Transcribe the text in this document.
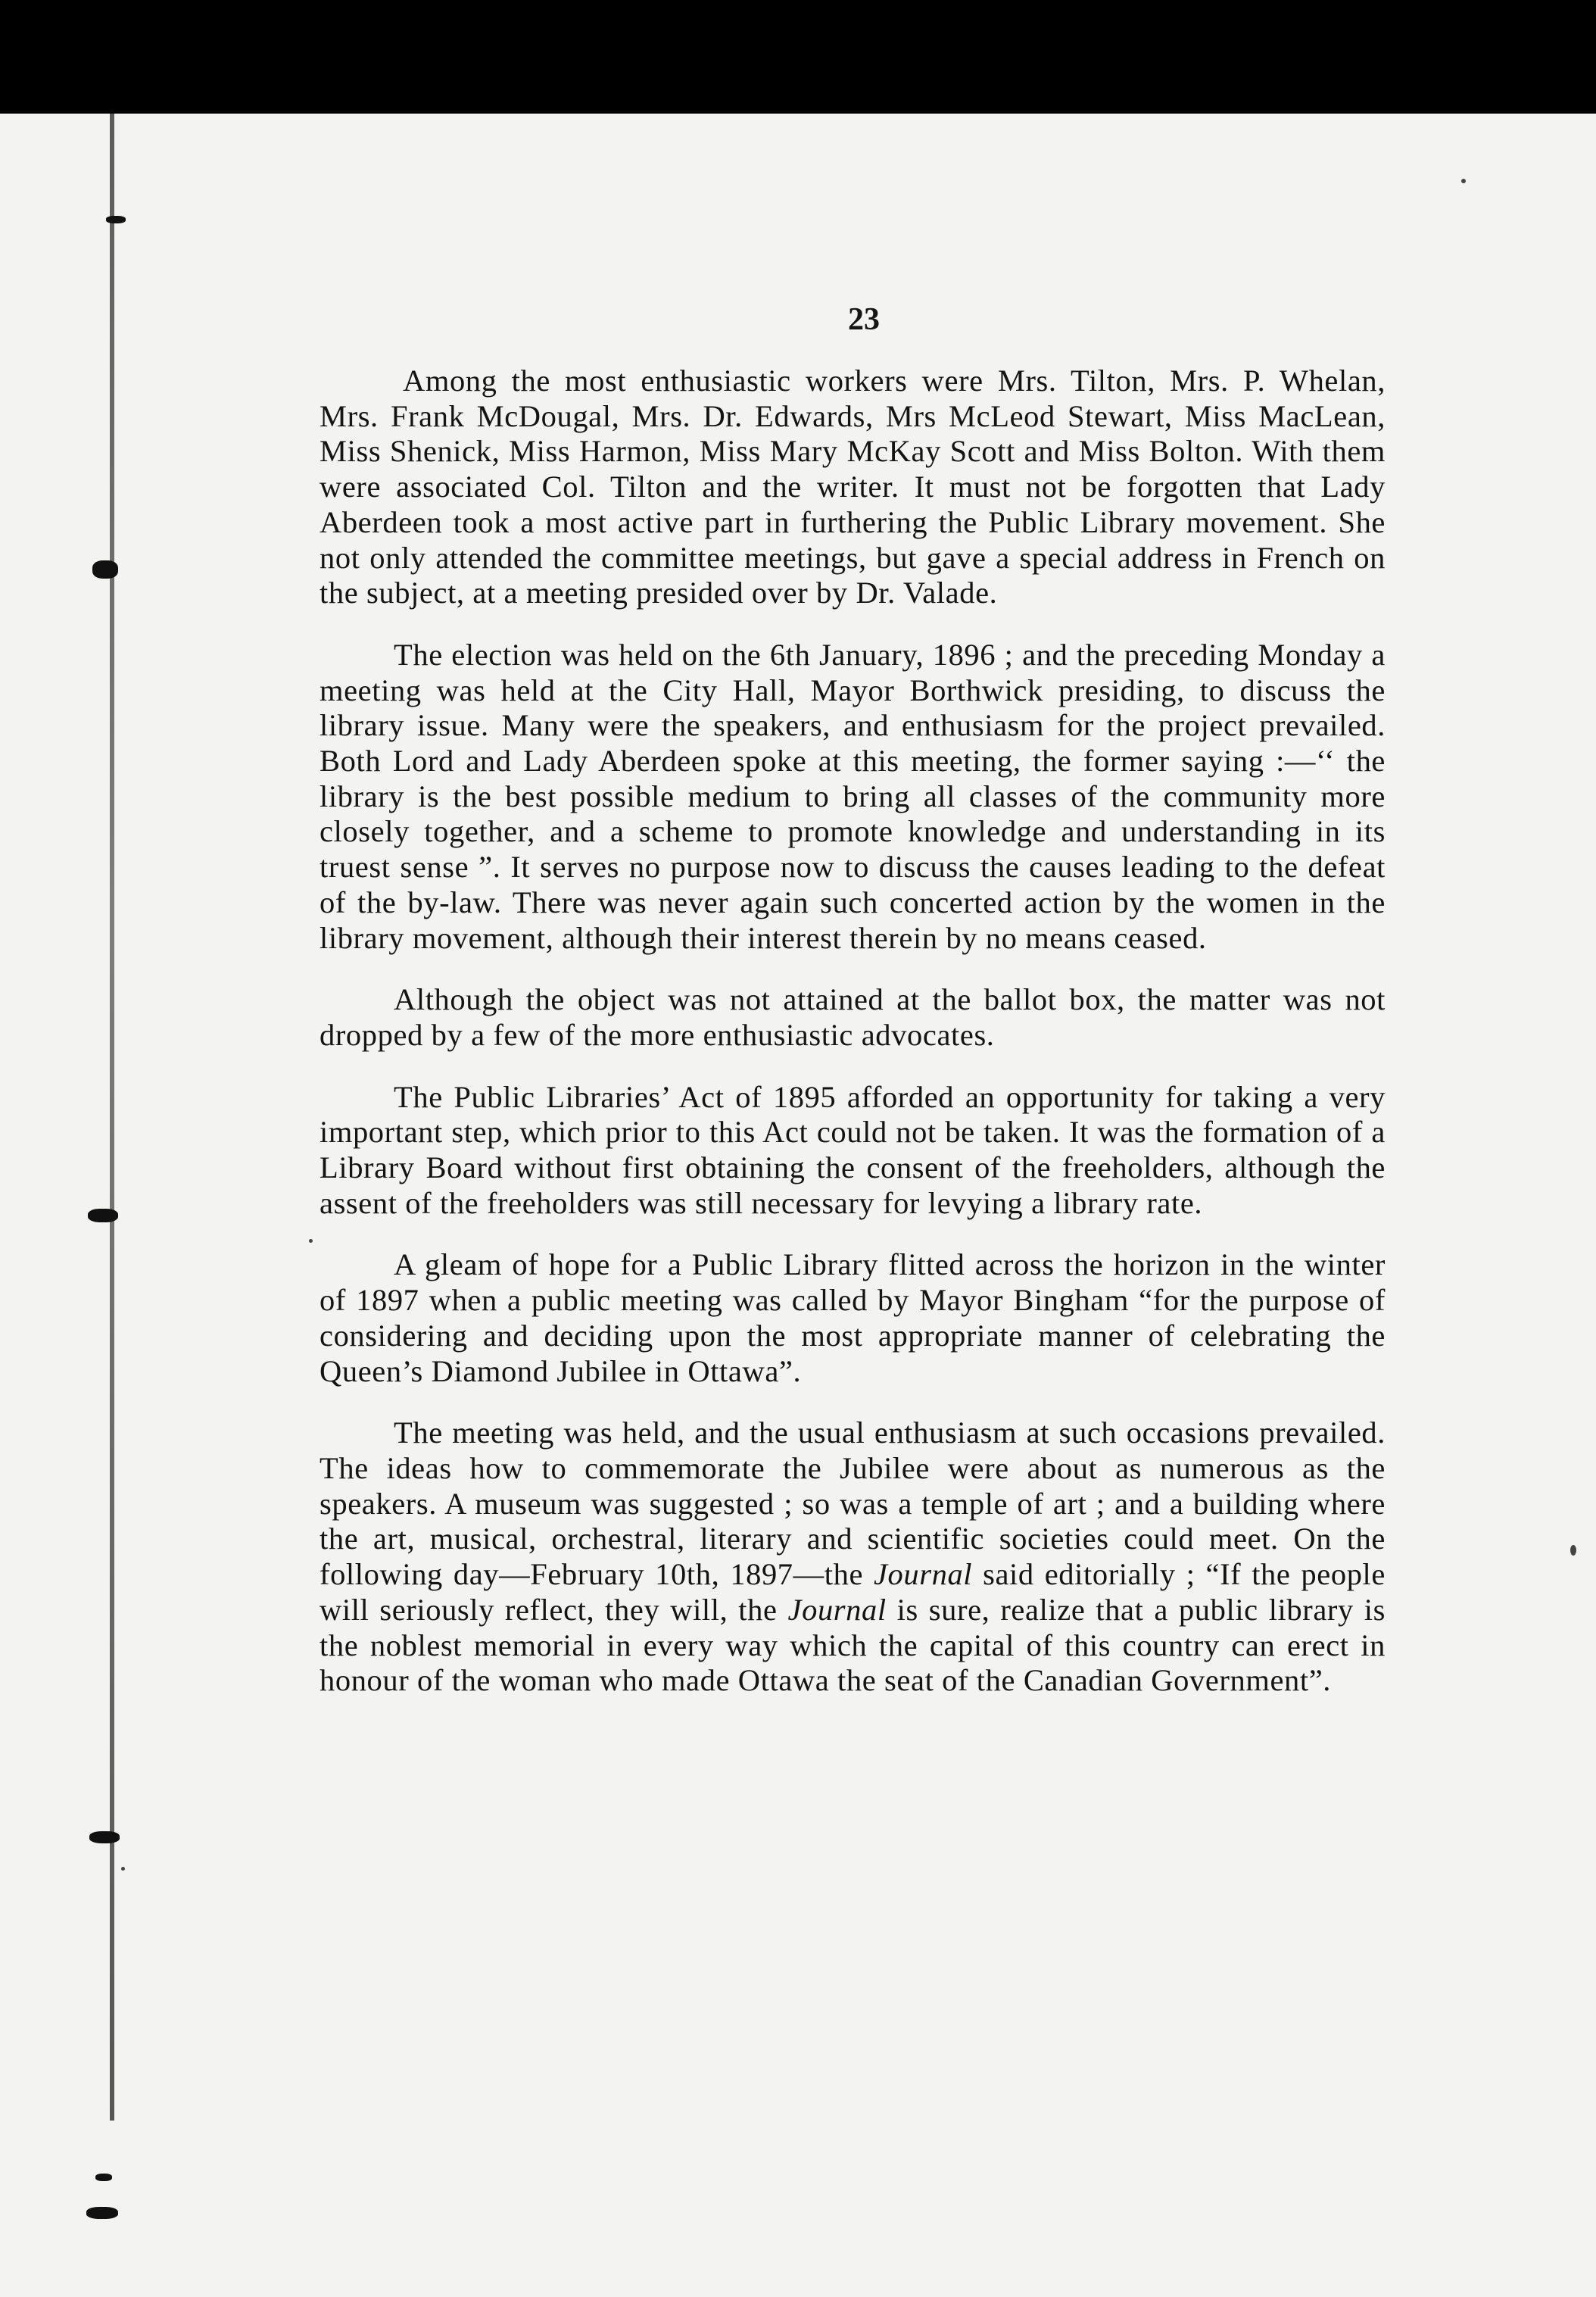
23

Among the most enthusiastic workers were Mrs. Tilton, Mrs. P. Whelan, Mrs. Frank McDougal, Mrs. Dr. Edwards, Mrs McLeod Stewart, Miss MacLean, Miss Shenick, Miss Harmon, Miss Mary McKay Scott and Miss Bolton. With them were associated Col. Tilton and the writer. It must not be forgotten that Lady Aberdeen took a most active part in furthering the Public Library movement. She not only attended the committee meetings, but gave a special address in French on the subject, at a meeting presided over by Dr. Valade.

The election was held on the 6th January, 1896 ; and the preceding Monday a meeting was held at the City Hall, Mayor Borthwick presiding, to discuss the library issue. Many were the speakers, and enthusiasm for the project prevailed. Both Lord and Lady Aberdeen spoke at this meeting, the former saying :—‘‘ the library is the best possible medium to bring all classes of the community more closely together, and a scheme to promote knowledge and understanding in its truest sense ”. It serves no purpose now to discuss the causes leading to the defeat of the by-law. There was never again such concerted action by the women in the library movement, although their interest therein by no means ceased.

Although the object was not attained at the ballot box, the matter was not dropped by a few of the more enthusiastic advocates.

The Public Libraries’ Act of 1895 afforded an opportunity for taking a very important step, which prior to this Act could not be taken. It was the formation of a Library Board without first obtaining the consent of the freeholders, although the assent of the freeholders was still necessary for levying a library rate.

A gleam of hope for a Public Library flitted across the horizon in the winter of 1897 when a public meeting was called by Mayor Bingham “for the purpose of considering and deciding upon the most appropriate manner of celebrating the Queen’s Diamond Jubilee in Ottawa”.

The meeting was held, and the usual enthusiasm at such occasions prevailed. The ideas how to commemorate the Jubilee were about as numerous as the speakers. A museum was suggested ; so was a temple of art ; and a building where the art, musical, orchestral, literary and scientific societies could meet. On the following day—February 10th, 1897—the Journal said editorially ; “If the people will seriously reflect, they will, the Journal is sure, realize that a public library is the noblest memorial in every way which the capital of this country can erect in honour of the woman who made Ottawa the seat of the Canadian Government”.
